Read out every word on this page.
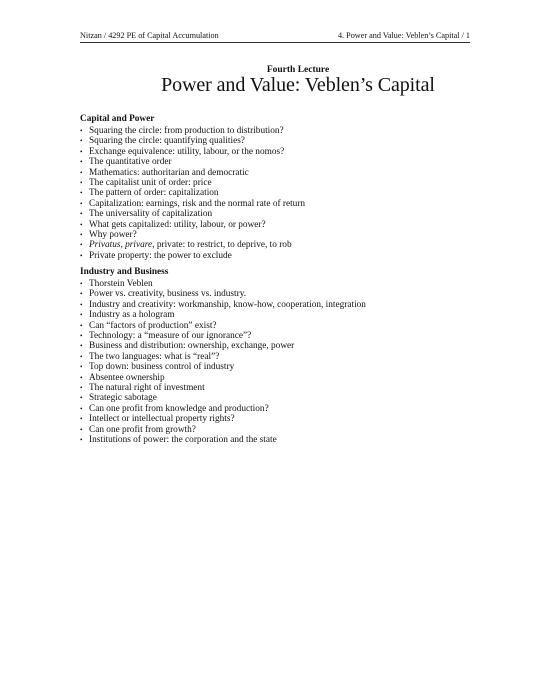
Nitzan / 4292 PE of Capital Accumulation	4. Power and Value: Veblen’s Capital / 1
Fourth Lecture
Power and Value: Veblen’s Capital
Capital and Power
• Squaring the circle: from production to distribution?
• Squaring the circle: quantifying qualities?
• Exchange equivalence: utility, labour, or the nomos?
• The quantitative order
• Mathematics: authoritarian and democratic
• The capitalist unit of order: price
• The pattern of order: capitalization
• Capitalization: earnings, risk and the normal rate of return
• The universality of capitalization
• What gets capitalized: utility, labour, or power?
• Why power?
• Privatus, privare, private: to restrict, to deprive, to rob
• Private property: the power to exclude
Industry and Business
• Thorstein Veblen
• Power vs. creativity, business vs. industry.
• Industry and creativity: workmanship, know-how, cooperation, integration
• Industry as a hologram
• Can “factors of production” exist?
• Technology: a “measure of our ignorance”?
• Business and distribution: ownership, exchange, power
• The two languages: what is “real”?
• Top down: business control of industry
• Absentee ownership
• The natural right of investment
• Strategic sabotage
• Can one profit from knowledge and production?
• Intellect or intellectual property rights?
• Can one profit from growth?
• Institutions of power: the corporation and the state
